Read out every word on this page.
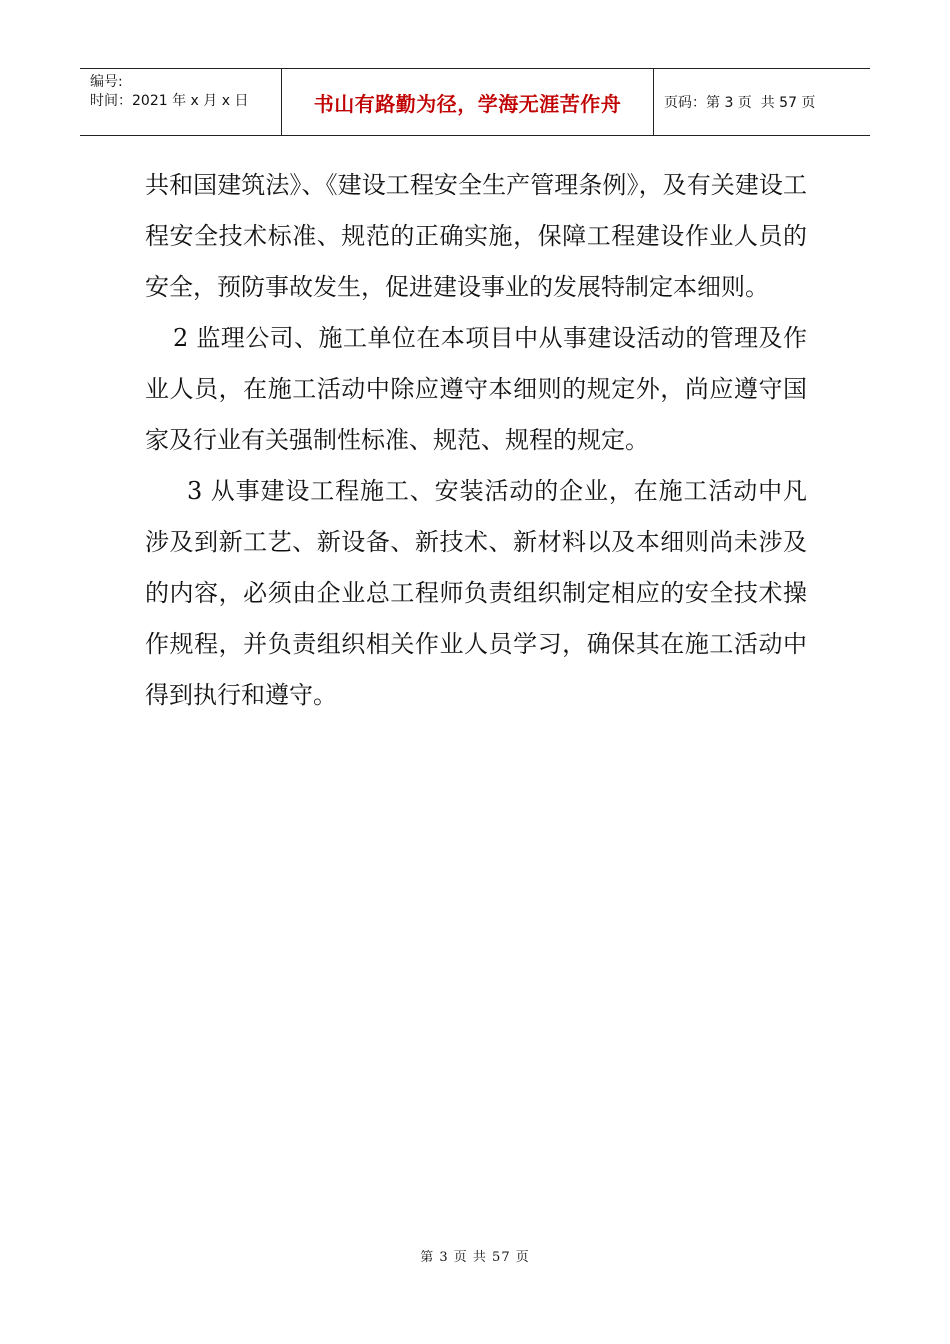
编号:
时间：2021 年 x 月 x 日	书山有路勤为径，学海无涯苦作舟	页码：第 3 页  共 57 页

共和国建筑法》、《建设工程安全生产管理条例》，及有关建设工程安全技术标准、规范的正确实施，保障工程建设作业人员的安全，预防事故发生，促进建设事业的发展特制定本细则。

2 监理公司、施工单位在本项目中从事建设活动的管理及作业人员，在施工活动中除应遵守本细则的规定外，尚应遵守国家及行业有关强制性标准、规范、规程的规定。

3 从事建设工程施工、安装活动的企业，在施工活动中凡涉及到新工艺、新设备、新技术、新材料以及本细则尚未涉及的内容，必须由企业总工程师负责组织制定相应的安全技术操作规程，并负责组织相关作业人员学习，确保其在施工活动中得到执行和遵守。

第 3 页 共 57 页
